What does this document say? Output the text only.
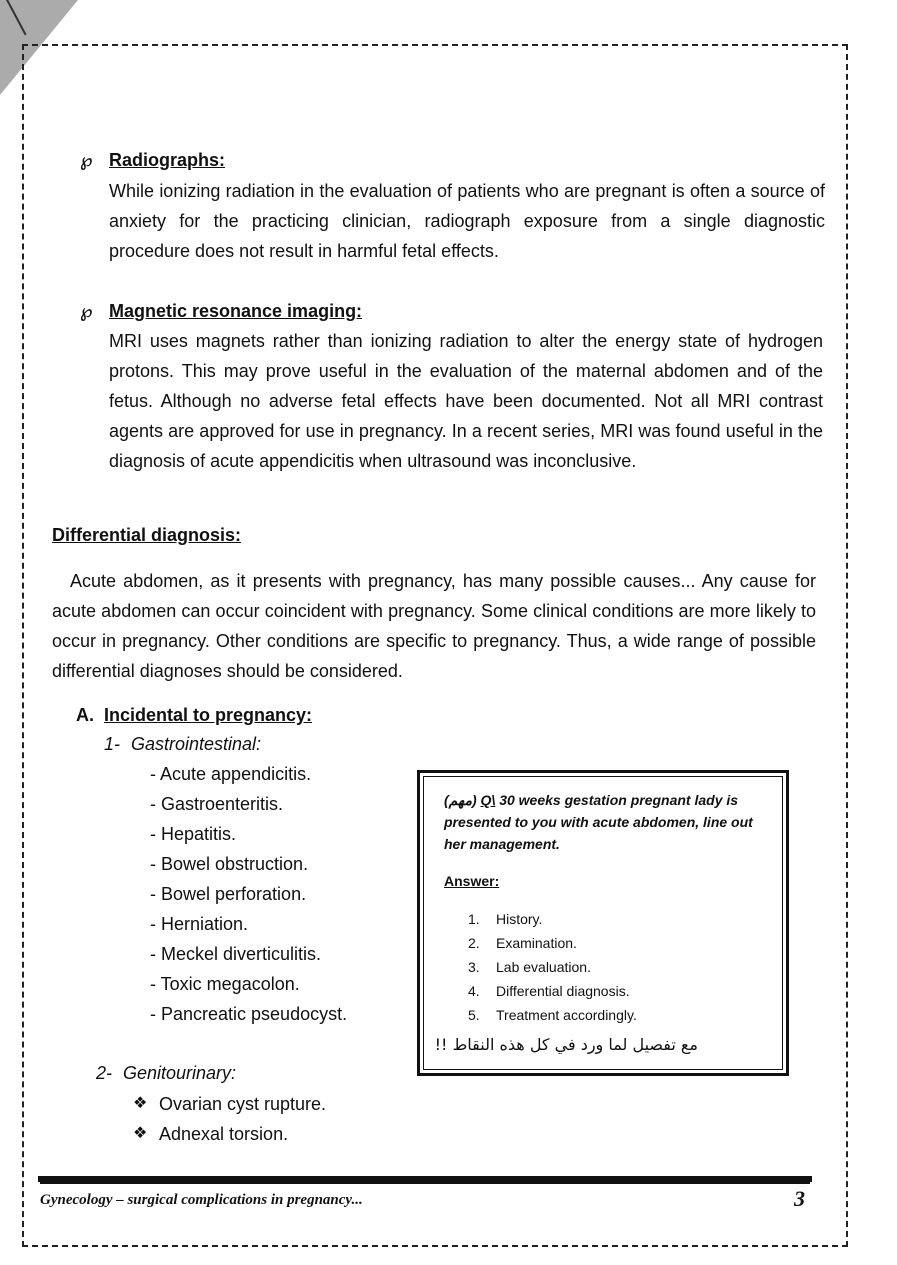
℘ Radiographs:

While ionizing radiation in the evaluation of patients who are pregnant is often a source of anxiety for the practicing clinician, radiograph exposure from a single diagnostic procedure does not result in harmful fetal effects.

℘ Magnetic resonance imaging:

MRI uses magnets rather than ionizing radiation to alter the energy state of hydrogen protons. This may prove useful in the evaluation of the maternal abdomen and of the fetus. Although no adverse fetal effects have been documented. Not all MRI contrast agents are approved for use in pregnancy. In a recent series, MRI was found useful in the diagnosis of acute appendicitis when ultrasound was inconclusive.

Differential diagnosis:

Acute abdomen, as it presents with pregnancy, has many possible causes... Any cause for acute abdomen can occur coincident with pregnancy. Some clinical conditions are more likely to occur in pregnancy. Other conditions are specific to pregnancy. Thus, a wide range of possible differential diagnoses should be considered.

A. Incidental to pregnancy:
1- Gastrointestinal:
- Acute appendicitis.
- Gastroenteritis.
- Hepatitis.
- Bowel obstruction.
- Bowel perforation.
- Herniation.
- Meckel diverticulitis.
- Toxic megacolon.
- Pancreatic pseudocyst.
2- Genitourinary:
❖ Ovarian cyst rupture.
❖ Adnexal torsion.
(مهم) Q\ 30 weeks gestation pregnant lady is presented to you with acute abdomen, line out her management.
Answer:
1. History.
2. Examination.
3. Lab evaluation.
4. Differential diagnosis.
5. Treatment accordingly.
مع تفصيل لما ورد في كل هذه النقاط !!
Gynecology – surgical complications in pregnancy...	3
